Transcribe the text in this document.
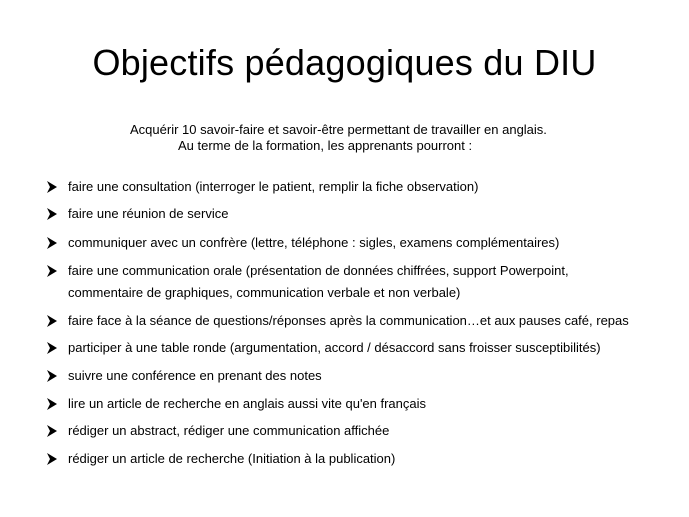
Objectifs pédagogiques du DIU
Acquérir 10 savoir-faire et savoir-être permettant de travailler en anglais.
Au terme de la formation, les apprenants pourront :
faire une consultation (interroger le patient, remplir la fiche observation)
faire une réunion de service
communiquer avec un confrère (lettre, téléphone : sigles, examens complémentaires)
faire une communication orale (présentation de données chiffrées, support Powerpoint,
commentaire de graphiques, communication verbale et non verbale)
faire face à la séance de questions/réponses après la communication…et aux pauses café, repas
participer à une table ronde (argumentation, accord / désaccord sans froisser susceptibilités)
suivre une conférence en prenant des notes
lire un article de recherche en anglais aussi vite qu'en français
rédiger un abstract, rédiger une communication affichée
rédiger un article de recherche (Initiation à la publication)
